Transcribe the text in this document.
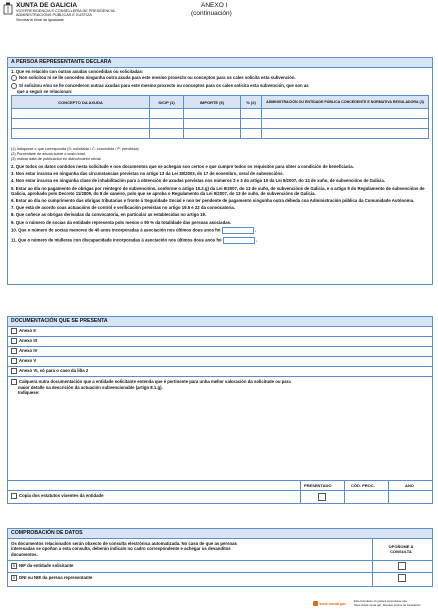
XUNTA DE GALICIA
VICEPRESIDENCIA E CONSELLERÍA DE PRESIDENCIA,
ADMINISTRACIÓNS PÚBLICAS E XUSTIZA
Secretaría Xeral da Igualdade
ANEXO I
(continuación)
A PERSOA REPRESENTANTE DECLARA
1. Que en relación con outras axudas concedidas ou solicitadas:
Non solicitou ni se lle concedeu ningunha outra axuda para este mesmo proxecto ou conceptos para os cales solicita esta subvención.
Si solicitou e/ou se lle concederon outras axudas para este mesmo proxecto ou conceptos para os cales solicita esta subvención, que son as
que a seguir se relacionan:
CONCEPTO DA AXUDA	S/C/P (1)	IMPORTE (€)	% (2)	ADMINISTRACIÓN OU ENTIDADE PÚBLICA CONCEDENTE E NORMATIVA REGULADORA (3)

(1) Indíquese o que corresponda (S: solicitada / C: concedida / P: percibida)
(2) Porcentaxe de axuda sobre o custo total
(3) Indicar data de publicación en diario/boletín oficial
2. Que todos os datos contidos nesta solicitude e nos documentos que se achegan son certos e que cumpre todos os requisitos para obter a condición de beneficiaria.
3. Non estar incursa en ningunha das circunstancias previstas no artigo 13 da Lei 38/2003, do 17 de novembro, xeral de subvencións.
4. Non estar incursa en ningunha clase de inhabilitación para a obtención de axudas previstas nos números 2 e 3 do artigo 10 da Lei 9/2007, do 13 de xuño, de subvencións de Galicia.
5. Estar ao día no pagamento de obrigas por reintegro de subvencións, conforme o artigo 10.2.g) da Lei 9/2007, do 13 de xuño, de subvencións de Galicia, e o artigo 9 do Regulamento de subvencións de Galicia, aprobado polo Decreto 11/2009, do 8 de xaneiro, polo que se aproba o Regulamento da Lei 9/2007, do 13 de xuño, de subvencións de Galicia.
6. Estar ao día no cumprimento das obrigas tributarias e fronte á Seguridade Social e non ter pendente de pagamento ningunha outra débeda coa Administración pública da Comunidade Autónoma.
7. Que está de acordo coas actuacións de control e verificación previstas no artigo 19.5 e 22 da convocatoria.
8. Que coñece as obrigas derivadas da convocatoria, en particular as establecidas no artigo 19.
9. Que o número de socias da entidade representa polo menos o 90 % da totalidade das persoas asociadas.
10. Que o número de socias menores de 40 anos incorporadas á asociación nos últimos dous anos foi	.
11. Que o número de mulleres con discapacidade incorporadas á asociación nos últimos dous anos foi	.
DOCUMENTACIÓN QUE SE PRESENTA
Anexo II
Anexo III
Anexo IV
Anexo V
Anexo VI, só para o caso da liña 2
Calquera outra documentación que a entidade solicitante entenda que é pertinente para unha mellor valoración da solicitude ou para
maior detalle na descrición da actuación subvencionable (artigo 8.1.g).
Indíquese:
PRESENTADO	CÓD. PROC.	ANO
Copia dos estatutos vixentes da entidade
COMPROBACIÓN DE DATOS
Os documentos relacionados serán obxecto de consulta electrónica automatizada. No caso de que as persoas
interesadas se opoñan a esta consulta, deberán indicalo no cadro correspondente e achegar os devanditos
documentos.
OPÓÑOME Á
CONSULTA
X NIF da entidade solicitante
X DNI ou NIE da persoa representante
sede.xunta.gal
Este formulario só poderá presentarse nas
https://sede.xunta.gal . Resolve prazos de tramitación
